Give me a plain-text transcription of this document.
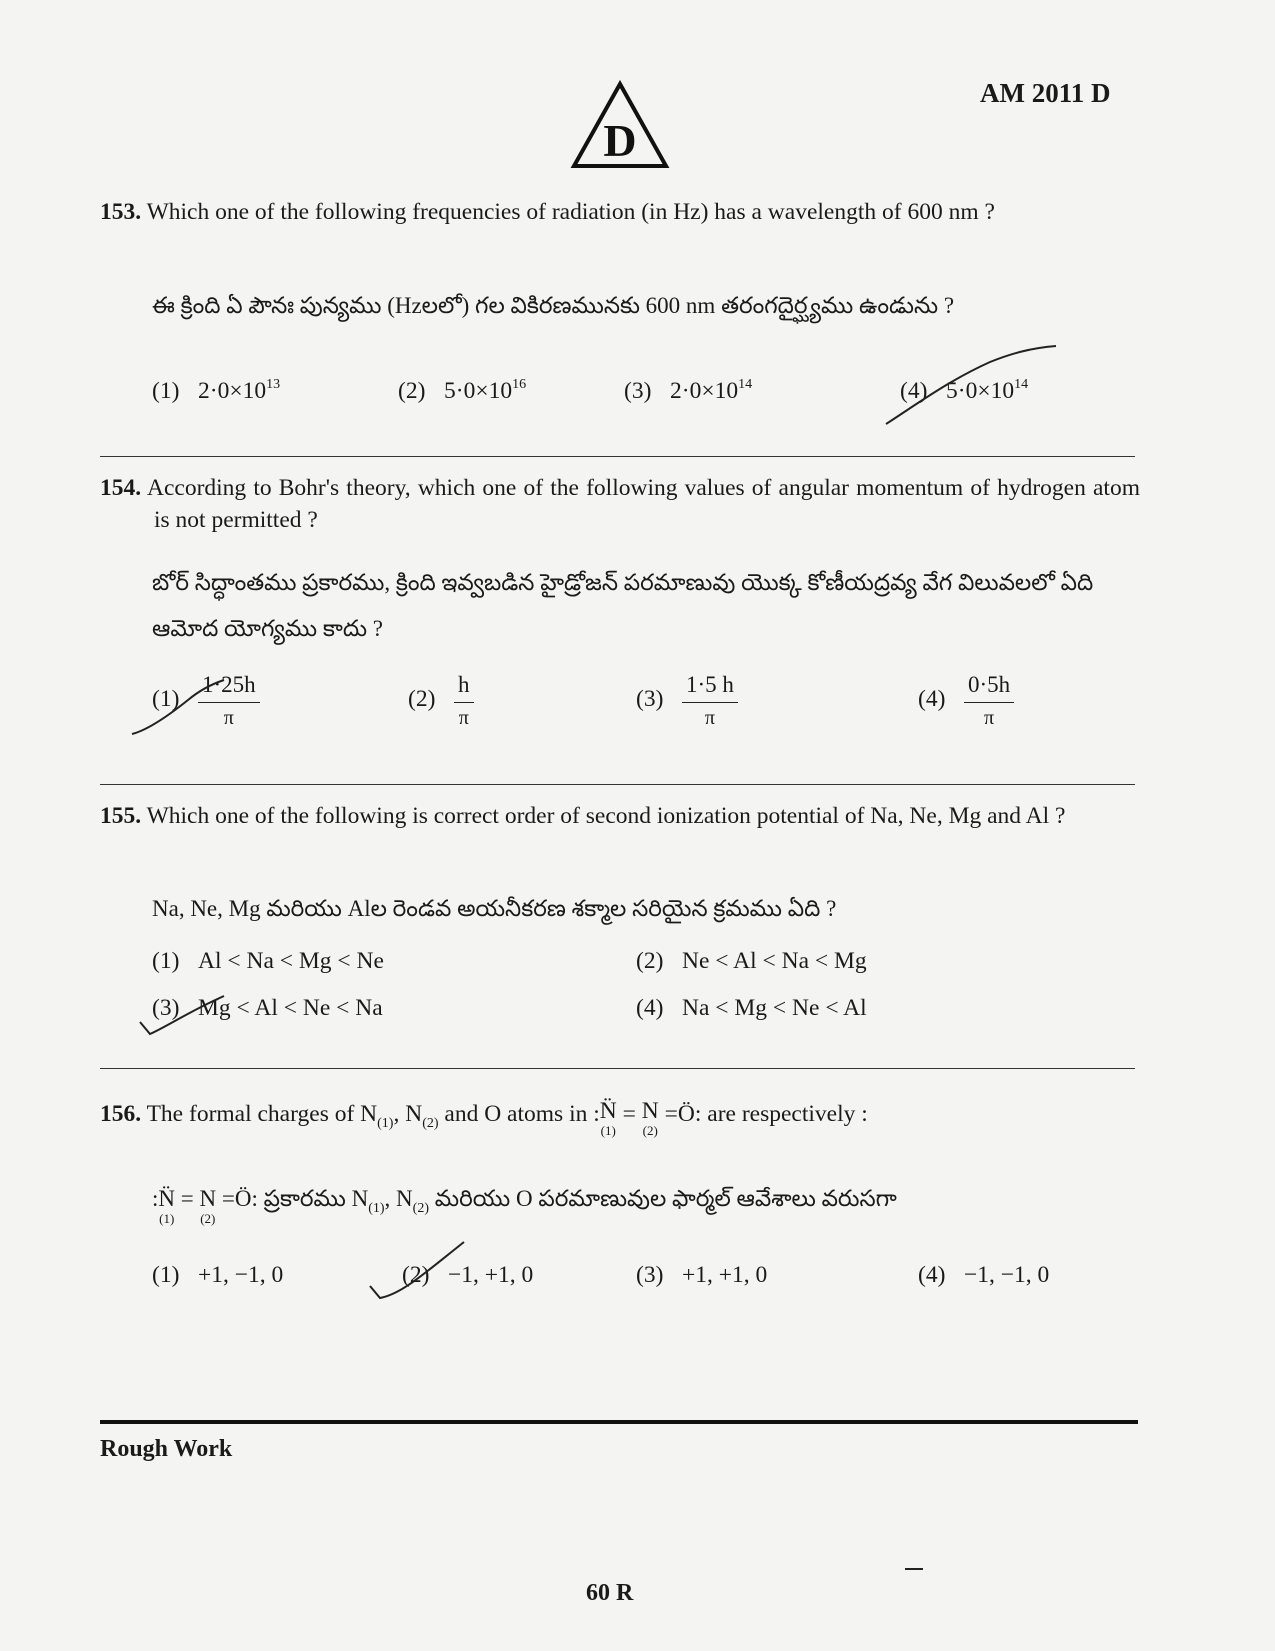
D
AM 2011 D
153. Which one of the following frequencies of radiation (in Hz) has a wavelength of 600 nm ?
ఈ క్రింది ఏ పౌనః పున్యము (Hzలలో) గల వికిరణమునకు 600 nm తరంగదైర్ఘ్యము ఉండును ?
(1) $2\cdot 0\times 10^{13}$	(2) $5\cdot 0\times 10^{16}$	(3) $2\cdot 0\times 10^{14}$	(4) $5\cdot 0\times 10^{14}$
154. According to Bohr's theory, which one of the following values of angular momentum of hydrogen atom is not permitted ?
బోర్ సిద్ధాంతము ప్రకారము, క్రింది ఇవ్వబడిన హైడ్రోజన్ పరమాణువు యొక్క కోణీయద్రవ్య వేగ విలువలలో ఏది ఆమోద యోగ్యము కాదు ?
$(1) \frac{1\cdot 25h}{\pi}$	$(2) \frac{h}{\pi}$	$(3) \frac{1\cdot 5 h}{\pi}$	$(4) \frac{0\cdot 5h}{\pi}$
155. Which one of the following is correct order of second ionization potential of Na, Ne, Mg and Al ?
Na, Ne, Mg మరియు Alల రెండవ అయనీకరణ శక్మాల సరియైన క్రమము ఏది ?
(1) Al < Na < Mg < Ne	(2) Ne < Al < Na < Mg
(3) Mg < Al < Ne < Na	(4) Na < Mg < Ne < Al
156. The formal charges of $N_{(1)}$, $N_{(2)}$ and O atoms in : N̈
(1)
= N
(2)
=Ö: are respectively :
: N̈
(1)
= N
(2)
=Ö: ప్రకారము $N_{(1)}$, $N_{(2)}$ మరియు O పరమాణువుల ఫార్మల్ ఆవేశాలు వరుసగా
(1) +1, −1, 0	(2) −1, +1, 0	(3) +1, +1, 0	(4) −1, −1, 0
Rough Work
60 R
